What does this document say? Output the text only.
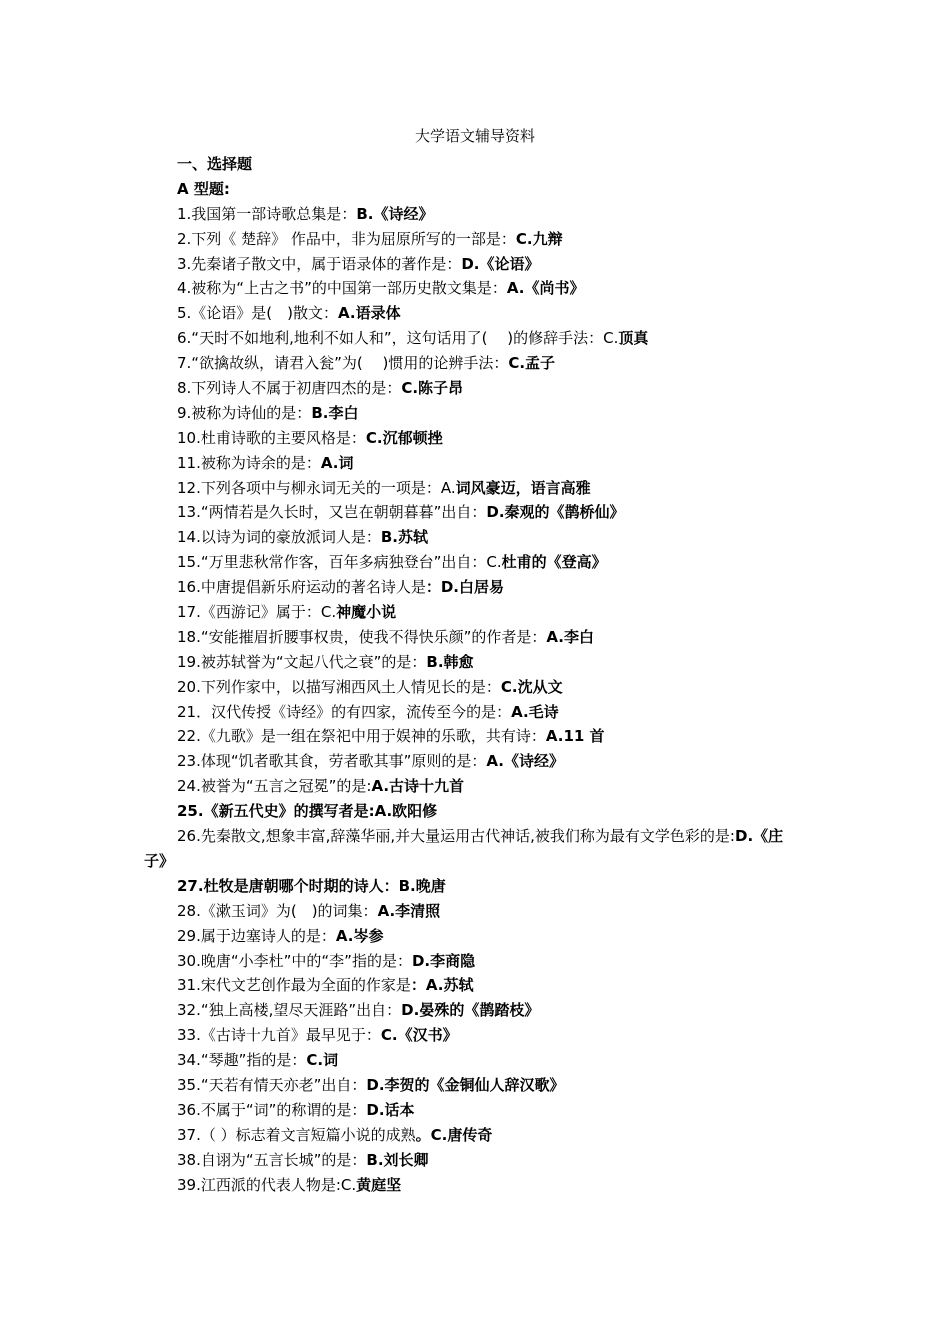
大学语文辅导资料
一、选择题
A 型题:
1.我国第一部诗歌总集是：B.《诗经》
2.下列《 楚辞》 作品中，非为屈原所写的一部是：C.九辩
3.先秦诸子散文中，属于语录体的著作是：D.《论语》
4.被称为“上古之书”的中国第一部历史散文集是：A.《尚书》
5.《论语》是(　)散文：A.语录体
6.“天时不如地利,地利不如人和”，这句话用了(　 )的修辞手法：C.顶真
7.“欲擒故纵，请君入瓮”为(　 )惯用的论辨手法：C.孟子
8.下列诗人不属于初唐四杰的是：C.陈子昂
9.被称为诗仙的是：B.李白
10.杜甫诗歌的主要风格是：C.沉郁顿挫
11.被称为诗余的是：A.词
12.下列各项中与柳永词无关的一项是：A.词风豪迈，语言高雅
13.“两情若是久长时，又岂在朝朝暮暮”出自：D.秦观的《鹊桥仙》
14.以诗为词的豪放派词人是：B.苏轼
15.“万里悲秋常作客，百年多病独登台”出自：C.杜甫的《登高》
16.中唐提倡新乐府运动的著名诗人是：D.白居易
17.《西游记》属于：C.神魔小说
18.“安能摧眉折腰事权贵，使我不得快乐颜”的作者是：A.李白
19.被苏轼誉为“文起八代之衰”的是：B.韩愈
20.下列作家中，以描写湘西风土人情见长的是：C.沈从文
21．汉代传授《诗经》的有四家，流传至今的是：A.毛诗
22.《九歌》是一组在祭祀中用于娱神的乐歌，共有诗：A.11 首
23.体现“饥者歌其食，劳者歌其事”原则的是：A.《诗经》
24.被誉为“五言之冠冕”的是:A.古诗十九首
25.《新五代史》的撰写者是:A.欧阳修
26.先秦散文,想象丰富,辞藻华丽,并大量运用古代神话,被我们称为最有文学色彩的是:D.《庄子》
27.杜牧是唐朝哪个时期的诗人：B.晚唐
28.《漱玉词》为(　)的词集：A.李清照
29.属于边塞诗人的是：A.岑参
30.晚唐“小李杜”中的“李”指的是：D.李商隐
31.宋代文艺创作最为全面的作家是：A.苏轼
32.“独上高楼,望尽天涯路”出自：D.晏殊的《鹊踏枝》
33.《古诗十九首》最早见于：C.《汉书》
34.“琴趣”指的是：C.词
35.“天若有情天亦老”出自：D.李贺的《金铜仙人辞汉歌》
36.不属于“词”的称谓的是：D.话本
37.（ ）标志着文言短篇小说的成熟。C.唐传奇
38.自诩为“五言长城”的是：B.刘长卿
39.江西派的代表人物是:C.黄庭坚
